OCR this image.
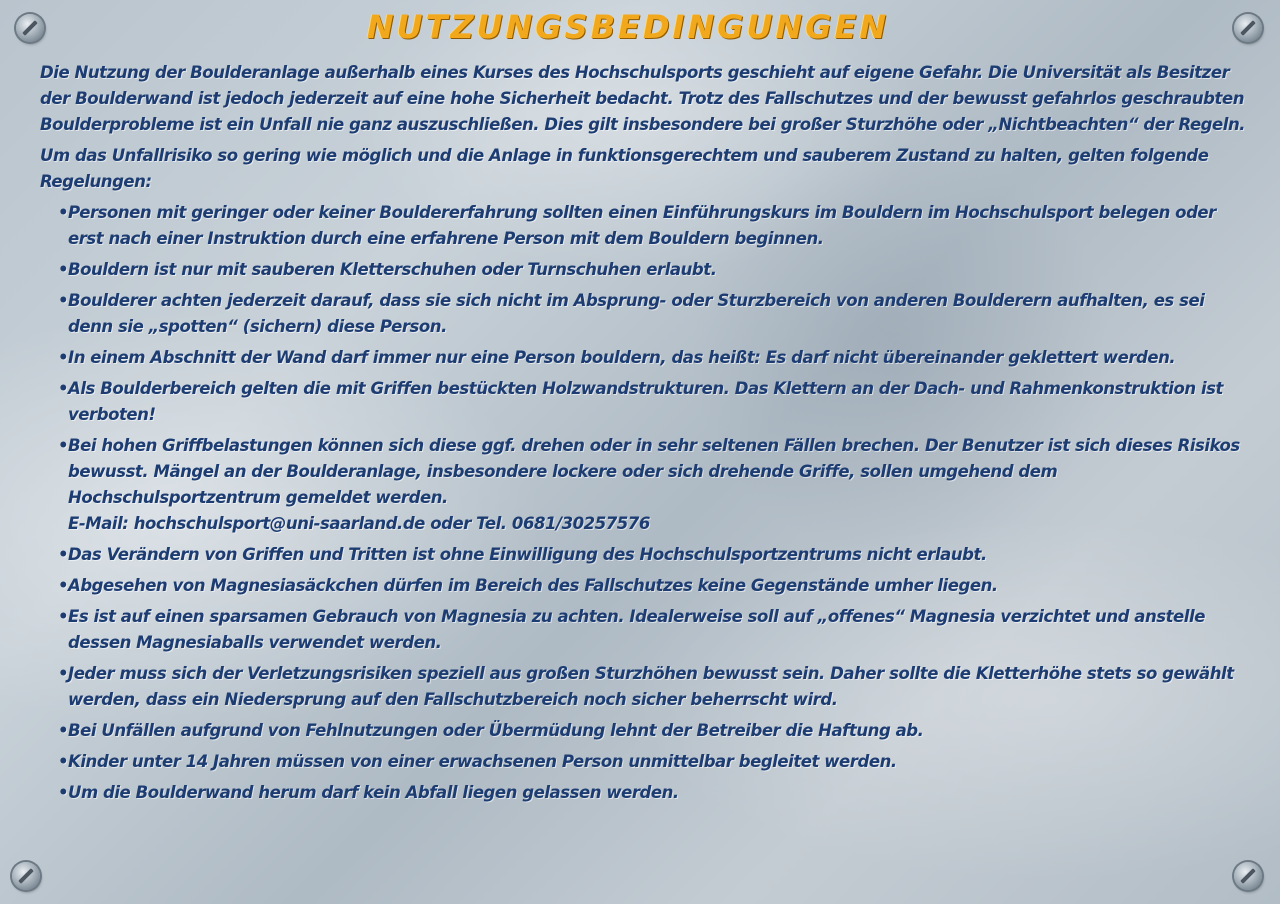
NUTZUNGSBEDINGUNGEN

Die Nutzung der Boulderanlage außerhalb eines Kurses des Hochschulsports geschieht auf eigene Gefahr. Die Universität als Besitzer der Boulderwand ist jedoch jederzeit auf eine hohe Sicherheit bedacht. Trotz des Fallschutzes und der bewusst gefahrlos geschraubten Boulderprobleme ist ein Unfall nie ganz auszuschließen. Dies gilt insbesondere bei großer Sturzhöhe oder „Nichtbeachten“ der Regeln.

Um das Unfallrisiko so gering wie möglich und die Anlage in funktionsgerechtem und sauberem Zustand zu halten, gelten folgende Regelungen:

• Personen mit geringer oder keiner Bouldererfahrung sollten einen Einführungskurs im Bouldern im Hochschulsport belegen oder erst nach einer Instruktion durch eine erfahrene Person mit dem Bouldern beginnen.
• Bouldern ist nur mit sauberen Kletterschuhen oder Turnschuhen erlaubt.
• Boulderer achten jederzeit darauf, dass sie sich nicht im Absprung- oder Sturzbereich von anderen Boulderern aufhalten, es sei denn sie „spotten“ (sichern) diese Person.
• In einem Abschnitt der Wand darf immer nur eine Person bouldern, das heißt: Es darf nicht übereinander geklettert werden.
• Als Boulderbereich gelten die mit Griffen bestückten Holzwandstrukturen. Das Klettern an der Dach- und Rahmenkonstruktion ist verboten!
• Bei hohen Griffbelastungen können sich diese ggf. drehen oder in sehr seltenen Fällen brechen. Der Benutzer ist sich dieses Risikos bewusst. Mängel an der Boulderanlage, insbesondere lockere oder sich drehende Griffe, sollen umgehend dem Hochschulsportzentrum gemeldet werden.
E-Mail: hochschulsport@uni-saarland.de oder Tel. 0681/30257576
• Das Verändern von Griffen und Tritten ist ohne Einwilligung des Hochschulsportzentrums nicht erlaubt.
• Abgesehen von Magnesiasäckchen dürfen im Bereich des Fallschutzes keine Gegenstände umher liegen.
• Es ist auf einen sparsamen Gebrauch von Magnesia zu achten. Idealerweise soll auf „offenes“ Magnesia verzichtet und anstelle dessen Magnesiaballs verwendet werden.
• Jeder muss sich der Verletzungsrisiken speziell aus großen Sturzhöhen bewusst sein. Daher sollte die Kletterhöhe stets so gewählt werden, dass ein Niedersprung auf den Fallschutzbereich noch sicher beherrscht wird.
• Bei Unfällen aufgrund von Fehlnutzungen oder Übermüdung lehnt der Betreiber die Haftung ab.
• Kinder unter 14 Jahren müssen von einer erwachsenen Person unmittelbar begleitet werden.
• Um die Boulderwand herum darf kein Abfall liegen gelassen werden.
